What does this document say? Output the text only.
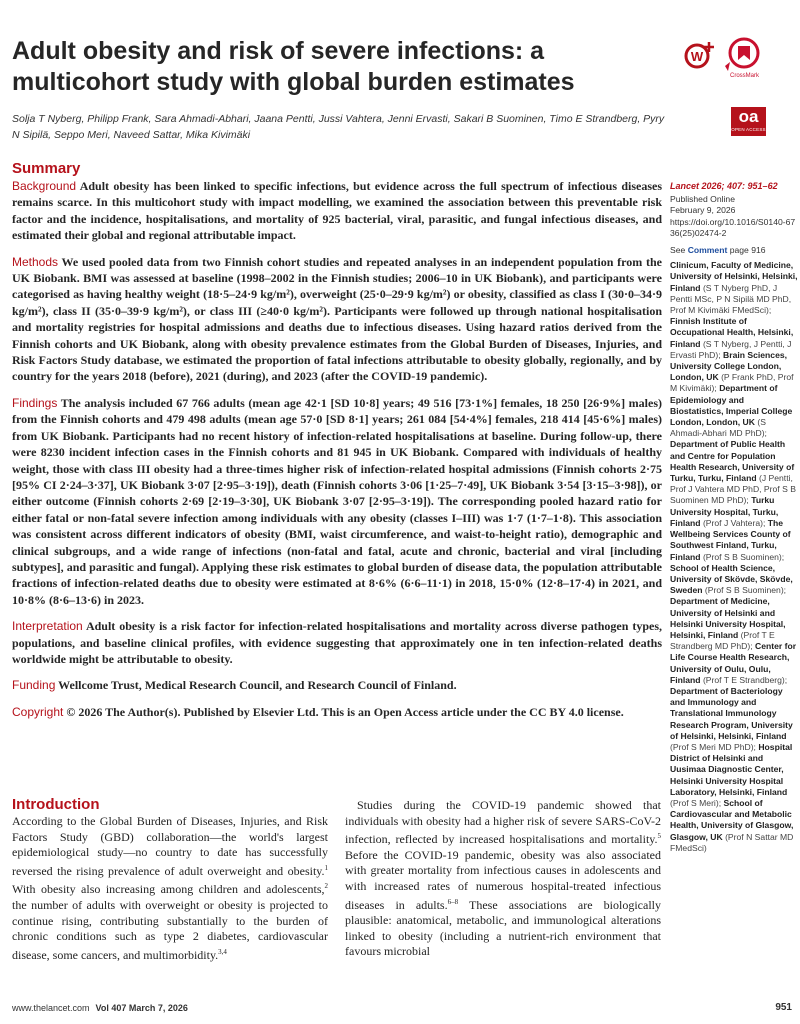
Adult obesity and risk of severe infections: a multicohort study with global burden estimates
W
CrossMark

Solja T Nyberg, Philipp Frank, Sara Ahmadi-Abhari, Jaana Pentti, Jussi Vahtera, Jenni Ervasti, Sakari B Suominen, Timo E Strandberg, Pyry N Sipilä, Seppo Meri, Naveed Sattar, Mika Kivimäki

oa
OPEN ACCESS
Summary

Background Adult obesity has been linked to specific infections, but evidence across the full spectrum of infectious diseases remains scarce. In this multicohort study with impact modelling, we examined the association between this preventable risk factor and the incidence, hospitalisations, and mortality of 925 bacterial, viral, parasitic, and fungal infectious diseases, and estimated their global and regional attributable impact.

Methods We used pooled data from two Finnish cohort studies and repeated analyses in an independent population from the UK Biobank. BMI was assessed at baseline (1998–2002 in the Finnish studies; 2006–10 in UK Biobank), and participants were categorised as having healthy weight (18·5–24·9 kg/m²), overweight (25·0–29·9 kg/m²) or obesity, classified as class I (30·0–34·9 kg/m²), class II (35·0–39·9 kg/m²), or class III (≥40·0 kg/m²). Participants were followed up through national hospitalisation and mortality registries for hospital admissions and deaths due to infectious diseases. Using hazard ratios derived from the Finnish cohorts and UK Biobank, along with obesity prevalence estimates from the Global Burden of Diseases, Injuries, and Risk Factors Study database, we estimated the proportion of fatal infections attributable to obesity globally, regionally, and by country for the years 2018 (before), 2021 (during), and 2023 (after the COVID-19 pandemic).

Findings The analysis included 67 766 adults (mean age 42·1 [SD 10·8] years; 49 516 [73·1%] females, 18 250 [26·9%] males) from the Finnish cohorts and 479 498 adults (mean age 57·0 [SD 8·1] years; 261 084 [54·4%] females, 218 414 [45·6%] males) from UK Biobank. Participants had no recent history of infection-related hospitalisations at baseline. During follow-up, there were 8230 incident infection cases in the Finnish cohorts and 81 945 in UK Biobank. Compared with individuals of healthy weight, those with class III obesity had a three-times higher risk of infection-related hospital admissions (Finnish cohorts 2·75 [95% CI 2·24–3·37], UK Biobank 3·07 [2·95–3·19]), death (Finnish cohorts 3·06 [1·25–7·49], UK Biobank 3·54 [3·15–3·98]), or either outcome (Finnish cohorts 2·69 [2·19–3·30], UK Biobank 3·07 [2·95–3·19]). The corresponding pooled hazard ratio for either fatal or non-fatal severe infection among individuals with any obesity (classes I–III) was 1·7 (1·7–1·8). This association was consistent across different indicators of obesity (BMI, waist circumference, and waist-to-height ratio), demographic and clinical subgroups, and a wide range of infections (non-fatal and fatal, acute and chronic, bacterial and viral [including subtypes], and parasitic and fungal). Applying these risk estimates to global burden of disease data, the population attributable fractions of infection-related deaths due to obesity were estimated at 8·6% (6·6–11·1) in 2018, 15·0% (12·8–17·4) in 2021, and 10·8% (8·6–13·6) in 2023.

Interpretation Adult obesity is a risk factor for infection-related hospitalisations and mortality across diverse pathogen types, populations, and baseline clinical profiles, with evidence suggesting that approximately one in ten infection-related deaths worldwide might be attributable to obesity.

Funding Wellcome Trust, Medical Research Council, and Research Council of Finland.

Copyright © 2026 The Author(s). Published by Elsevier Ltd. This is an Open Access article under the CC BY 4.0 license.

Lancet 2026; 407: 951–62
Published Online
February 9, 2026
https://doi.org/10.1016/S0140-6736(25)02474-2
See Comment page 916
Clinicum, Faculty of Medicine, University of Helsinki, Helsinki, Finland (S T Nyberg PhD, J Pentti MSc, P N Sipilä MD PhD, Prof M Kivimäki FMedSci); Finnish Institute of Occupational Health, Helsinki, Finland (S T Nyberg, J Pentti, J Ervasti PhD); Brain Sciences, University College London, London, UK (P Frank PhD, Prof M Kivimäki); Department of Epidemiology and Biostatistics, Imperial College London, London, UK (S Ahmadi-Abhari MD PhD); Department of Public Health and Centre for Population Health Research, University of Turku, Turku, Finland (J Pentti, Prof J Vahtera MD PhD, Prof S B Suominen MD PhD); Turku University Hospital, Turku, Finland (Prof J Vahtera); The Wellbeing Services County of Southwest Finland, Turku, Finland (Prof S B Suominen); School of Health Science, University of Skövde, Skövde, Sweden (Prof S B Suominen); Department of Medicine, University of Helsinki and Helsinki University Hospital, Helsinki, Finland (Prof T E Strandberg MD PhD); Center for Life Course Health Research, University of Oulu, Oulu, Finland (Prof T E Strandberg); Department of Bacteriology and Immunology and Translational Immunology Research Program, University of Helsinki, Helsinki, Finland (Prof S Meri MD PhD); Hospital District of Helsinki and Uusimaa Diagnostic Center, Helsinki University Hospital Laboratory, Helsinki, Finland (Prof S Meri); School of Cardiovascular and Metabolic Health, University of Glasgow, Glasgow, UK (Prof N Sattar MD FMedSci)
Introduction
According to the Global Burden of Diseases, Injuries, and Risk Factors Study (GBD) collaboration—the world's largest epidemiological study—no country to date has successfully reversed the rising prevalence of adult overweight and obesity.$^1$ With obesity also increasing among children and adolescents,$^2$ the number of adults with overweight or obesity is projected to continue rising, contributing substantially to the burden of chronic conditions such as type 2 diabetes, cardiovascular disease, some cancers, and multimorbidity.$^{3,4}$
Studies during the COVID-19 pandemic showed that individuals with obesity had a higher risk of severe SARS-CoV-2 infection, reflected by increased hospitalisations and mortality.$^5$ Before the COVID-19 pandemic, obesity was also associated with greater mortality from infectious causes in adolescents and with increased rates of numerous hospital-treated infectious diseases in adults.$^{6-8}$ These associations are biologically plausible: anatomical, metabolic, and immunological alterations linked to obesity (including a nutrient-rich environment that favours microbial
www.thelancet.com Vol 407 March 7, 2026	951
